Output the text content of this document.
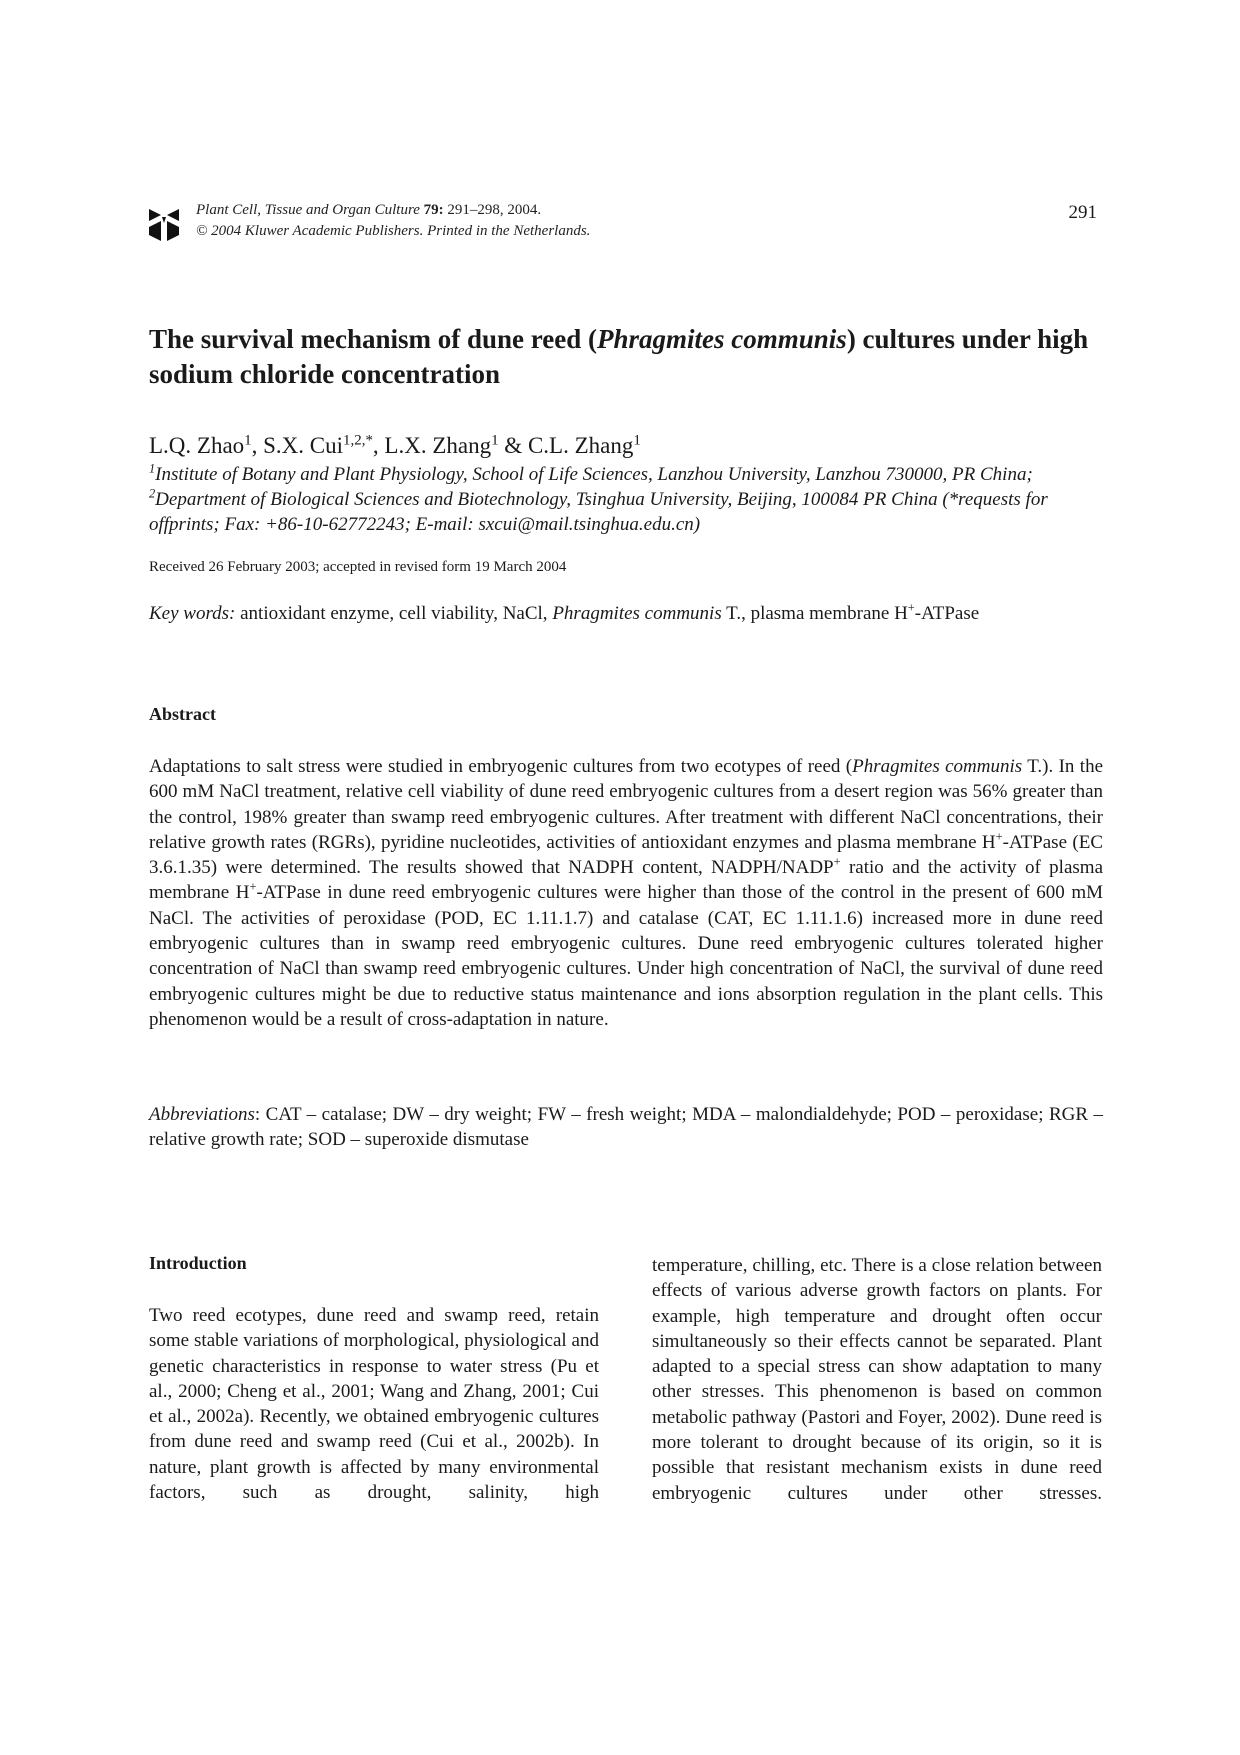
Plant Cell, Tissue and Organ Culture 79: 291–298, 2004.
© 2004 Kluwer Academic Publishers. Printed in the Netherlands.
291
The survival mechanism of dune reed (Phragmites communis) cultures under high sodium chloride concentration
L.Q. Zhao$^1$, S.X. Cui$^{1,2,*}$, L.X. Zhang$^1$ & C.L. Zhang$^1$
$^1$Institute of Botany and Plant Physiology, School of Life Sciences, Lanzhou University, Lanzhou 730000, PR China; $^2$Department of Biological Sciences and Biotechnology, Tsinghua University, Beijing, 100084 PR China (*requests for offprints; Fax: +86-10-62772243; E-mail: sxcui@mail.tsinghua.edu.cn)
Received 26 February 2003; accepted in revised form 19 March 2004
Key words: antioxidant enzyme, cell viability, NaCl, Phragmites communis T., plasma membrane H+-ATPase
Abstract
Adaptations to salt stress were studied in embryogenic cultures from two ecotypes of reed (Phragmites communis T.). In the 600 mM NaCl treatment, relative cell viability of dune reed embryogenic cultures from a desert region was 56% greater than the control, 198% greater than swamp reed embryogenic cultures. After treatment with different NaCl concentrations, their relative growth rates (RGRs), pyridine nucleotides, activities of antioxidant enzymes and plasma membrane H+-ATPase (EC 3.6.1.35) were determined. The results showed that NADPH content, NADPH/NADP+ ratio and the activity of plasma membrane H+-ATPase in dune reed embryogenic cultures were higher than those of the control in the present of 600 mM NaCl. The activities of peroxidase (POD, EC 1.11.1.7) and catalase (CAT, EC 1.11.1.6) increased more in dune reed embryogenic cultures than in swamp reed embryogenic cultures. Dune reed embryogenic cultures tolerated higher concentration of NaCl than swamp reed embryogenic cultures. Under high concentration of NaCl, the survival of dune reed embryogenic cultures might be due to reductive status maintenance and ions absorption regulation in the plant cells. This phenomenon would be a result of cross-adaptation in nature.
Abbreviations: CAT – catalase; DW – dry weight; FW – fresh weight; MDA – malondialdehyde; POD – peroxidase; RGR – relative growth rate; SOD – superoxide dismutase
Introduction
Two reed ecotypes, dune reed and swamp reed, retain some stable variations of morphological, physiological and genetic characteristics in response to water stress (Pu et al., 2000; Cheng et al., 2001; Wang and Zhang, 2001; Cui et al., 2002a). Recently, we obtained embryogenic cultures from dune reed and swamp reed (Cui et al., 2002b). In nature, plant growth is affected by many environmental factors, such as drought, salinity, high
temperature, chilling, etc. There is a close relation between effects of various adverse growth factors on plants. For example, high temperature and drought often occur simultaneously so their effects cannot be separated. Plant adapted to a special stress can show adaptation to many other stresses. This phenomenon is based on common metabolic pathway (Pastori and Foyer, 2002). Dune reed is more tolerant to drought because of its origin, so it is possible that resistant mechanism exists in dune reed embryogenic cultures under other stresses.
